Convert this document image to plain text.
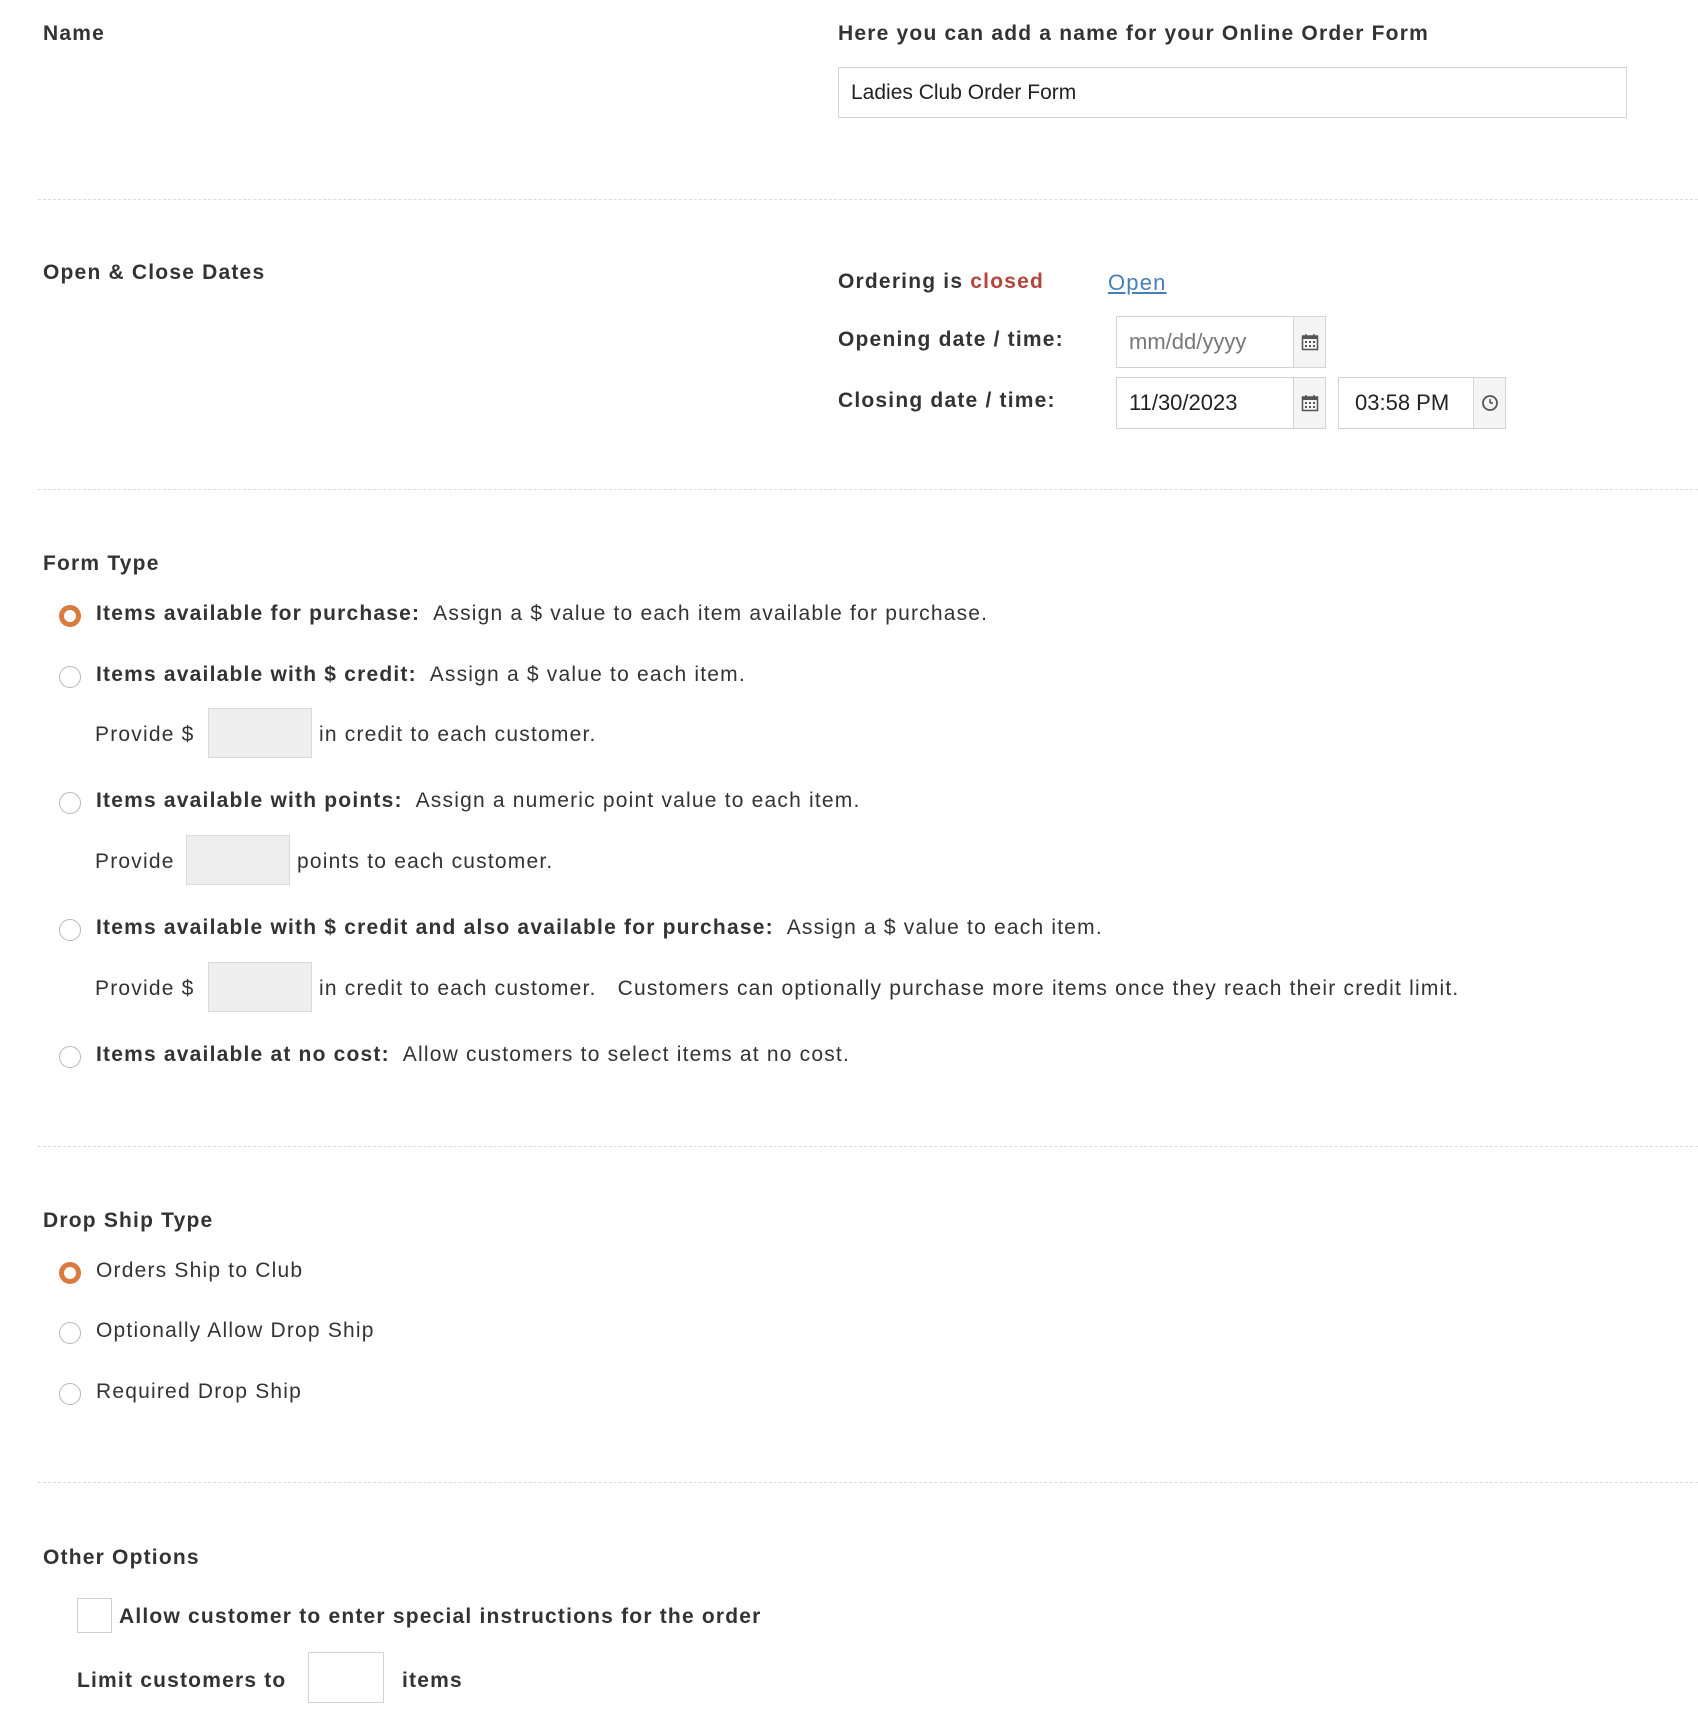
Name	Here you can add a name for your Online Order Form
Ladies Club Order Form
Open & Close Dates	Ordering is closed	Open
Opening date / time:	mm/dd/yyyy
Closing date / time:	11/30/2023	03:58 PM
Form Type
Items available for purchase: Assign a $ value to each item available for purchase.
Items available with $ credit: Assign a $ value to each item.
Provide $	in credit to each customer.
Items available with points: Assign a numeric point value to each item.
Provide	points to each customer.
Items available with $ credit and also available for purchase: Assign a $ value to each item.
Provide $	in credit to each customer.   Customers can optionally purchase more items once they reach their credit limit.
Items available at no cost: Allow customers to select items at no cost.
Drop Ship Type
Orders Ship to Club
Optionally Allow Drop Ship
Required Drop Ship
Other Options
Allow customer to enter special instructions for the order
Limit customers to	items
